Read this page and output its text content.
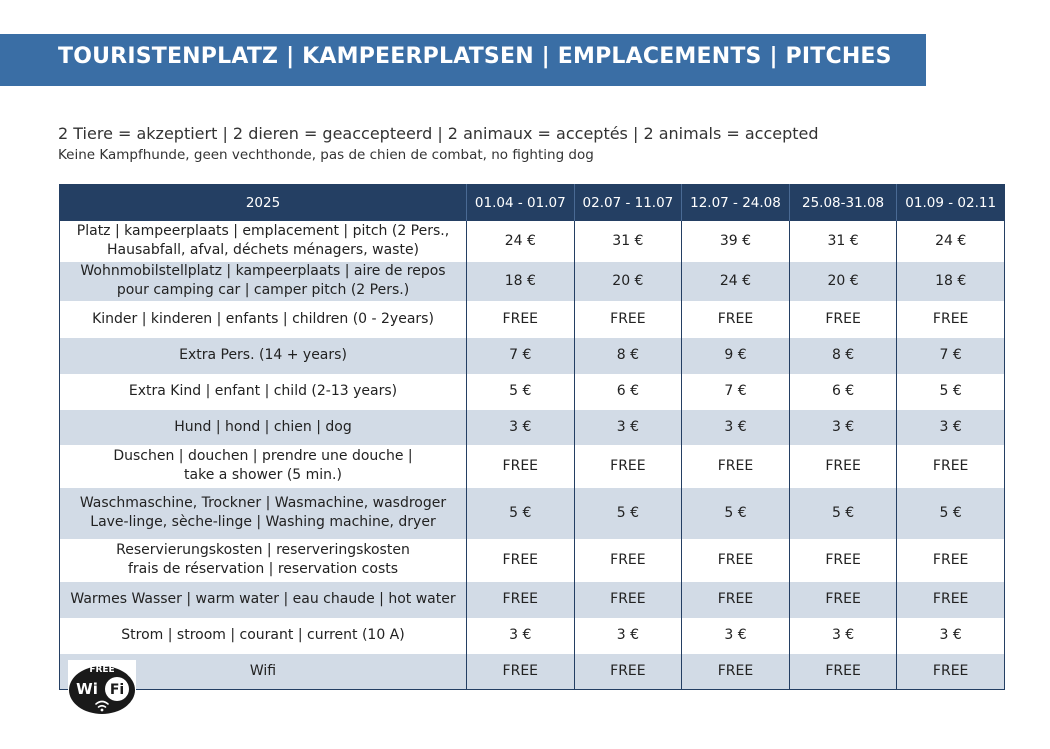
TOURISTENPLATZ | KAMPEERPLATSEN | EMPLACEMENTS | PITCHES
2 Tiere = akzeptiert | 2 dieren = geaccepteerd | 2 animaux = acceptés | 2 animals = accepted
Keine Kampfhunde, geen vechthonde, pas de chien de combat, no fighting dog
2025	01.04 - 01.07	02.07 - 11.07	12.07 - 24.08	25.08-31.08	01.09 - 02.11

Platz | kampeerplaats | emplacement | pitch (2 Pers.,
Hausabfall, afval, déchets ménagers, waste)	24 €	31 €	39 €	31 €	24 €

Wohnmobilstellplatz | kampeerplaats | aire de repos
pour camping car | camper pitch (2 Pers.)	18 €	20 €	24 €	20 €	18 €

Kinder | kinderen | enfants | children (0 - 2years)	FREE	FREE	FREE	FREE	FREE

Extra Pers. (14 + years)	7 €	8 €	9 €	8 €	7 €

Extra Kind | enfant | child (2-13 years)	5 €	6 €	7 €	6 €	5 €

Hund | hond | chien | dog	3 €	3 €	3 €	3 €	3 €

Duschen | douchen | prendre une douche |
take a shower (5 min.)	FREE	FREE	FREE	FREE	FREE

Waschmaschine, Trockner | Wasmachine, wasdroger
Lave-linge, sèche-linge | Washing machine, dryer	5 €	5 €	5 €	5 €	5 €

Reservierungskosten | reserveringskosten
frais de réservation | reservation costs	FREE	FREE	FREE	FREE	FREE

Warmes Wasser | warm water | eau chaude | hot water	FREE	FREE	FREE	FREE	FREE

Strom | stroom | courant | current (10 A)	3 €	3 €	3 €	3 €	3 €

Wifi	FREE	FREE	FREE	FREE	FREE
FREE
Wi Fi
